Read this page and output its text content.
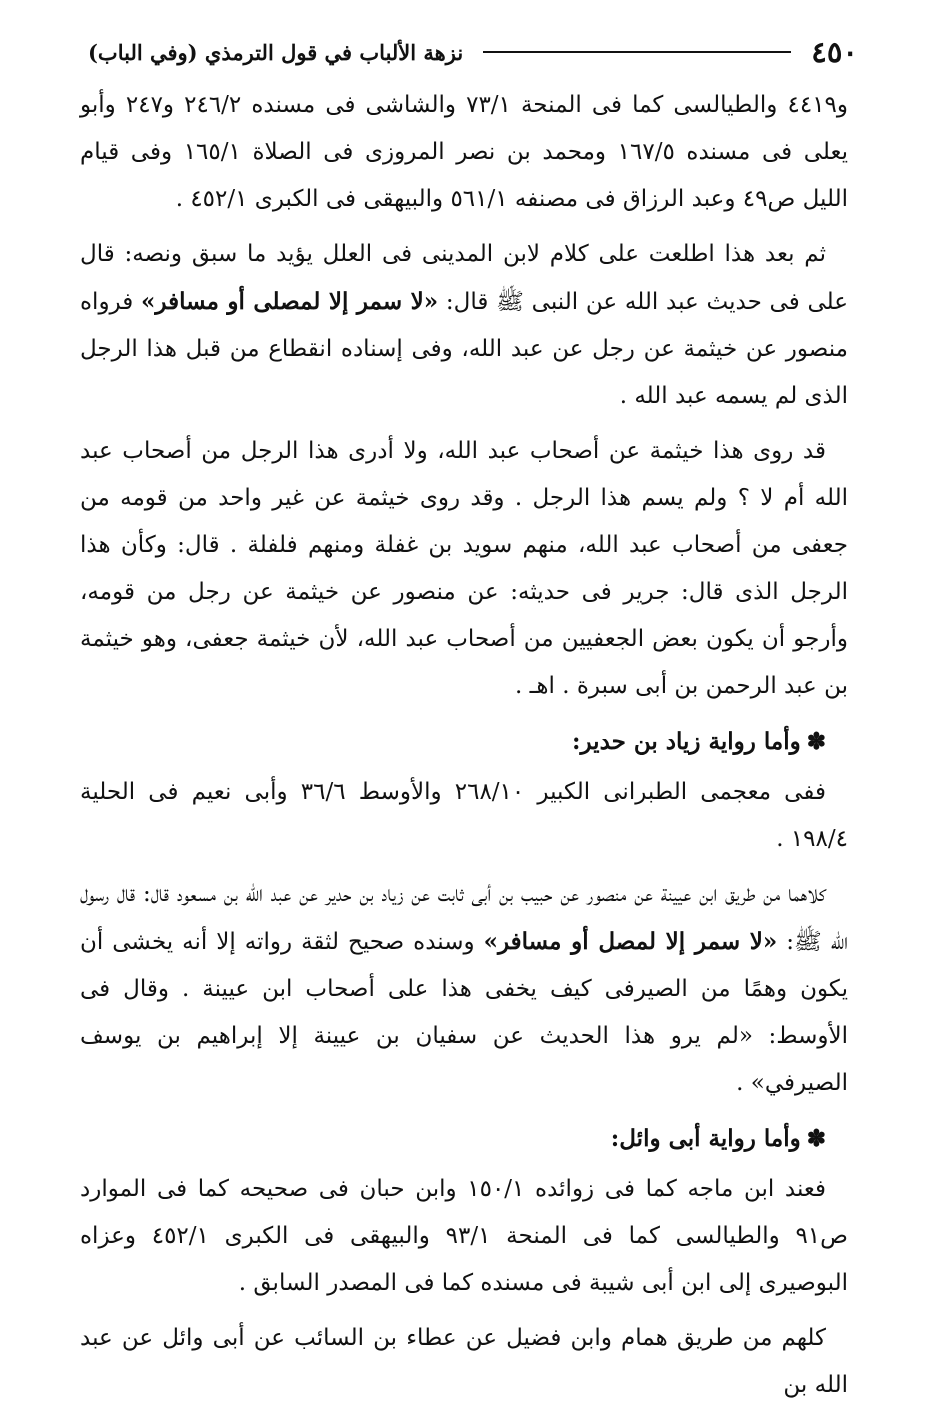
٤٥٠
نزهة الألباب في قول الترمذي (وفي الباب)

و٤٤١٩ والطيالسى كما فى المنحة ٧٣/١ والشاشى فى مسنده ٢٤٦/٢ و٢٤٧ وأبو يعلى فى مسنده ١٦٧/٥ ومحمد بن نصر المروزى فى الصلاة ١٦٥/١ وفى قيام الليل ص٤٩ وعبد الرزاق فى مصنفه ٥٦١/١ والبيهقى فى الكبرى ٤٥٢/١ .

ثم بعد هذا اطلعت على كلام لابن المدينى فى العلل يؤيد ما سبق ونصه: قال على فى حديث عبد الله عن النبى ﷺ قال: «لا سمر إلا لمصلى أو مسافر» فرواه منصور عن خيثمة عن رجل عن عبد الله، وفى إسناده انقطاع من قبل هذا الرجل الذى لم يسمه عبد الله .

قد روى هذا خيثمة عن أصحاب عبد الله، ولا أدرى هذا الرجل من أصحاب عبد الله أم لا ؟ ولم يسم هذا الرجل . وقد روى خيثمة عن غير واحد من قومه من جعفى من أصحاب عبد الله، منهم سويد بن غفلة ومنهم فلفلة . قال: وكأن هذا الرجل الذى قال: جرير فى حديثه: عن منصور عن خيثمة عن رجل من قومه، وأرجو أن يكون بعض الجعفيين من أصحاب عبد الله، لأن خيثمة جعفى، وهو خيثمة بن عبد الرحمن بن أبى سبرة . اهـ .

✽وأما رواية زياد بن حدير:

ففى معجمى الطبرانى الكبير ٢٦٨/١٠ والأوسط ٣٦/٦ وأبى نعيم فى الحلية ١٩٨/٤ .

كلاهما من طريق ابن عيينة عن منصور عن حبيب بن أبى ثابت عن زياد بن حدير عن عبد الله بن مسعود قال: قال رسول الله ﷺ: «لا سمر إلا لمصل أو مسافر» وسنده صحيح لثقة رواته إلا أنه يخشى أن يكون وهمًا من الصيرفى كيف يخفى هذا على أصحاب ابن عيينة . وقال فى الأوسط: «لم يرو هذا الحديث عن سفيان بن عيينة إلا إبراهيم بن يوسف الصيرفي» .

✽وأما رواية أبى وائل:

فعند ابن ماجه كما فى زوائده ١٥٠/١ وابن حبان فى صحيحه كما فى الموارد ص٩١ والطيالسى كما فى المنحة ٩٣/١ والبيهقى فى الكبرى ٤٥٢/١ وعزاه البوصيرى إلى ابن أبى شيبة فى مسنده كما فى المصدر السابق .

كلهم من طريق همام وابن فضيل عن عطاء بن السائب عن أبى وائل عن عبد الله بن
